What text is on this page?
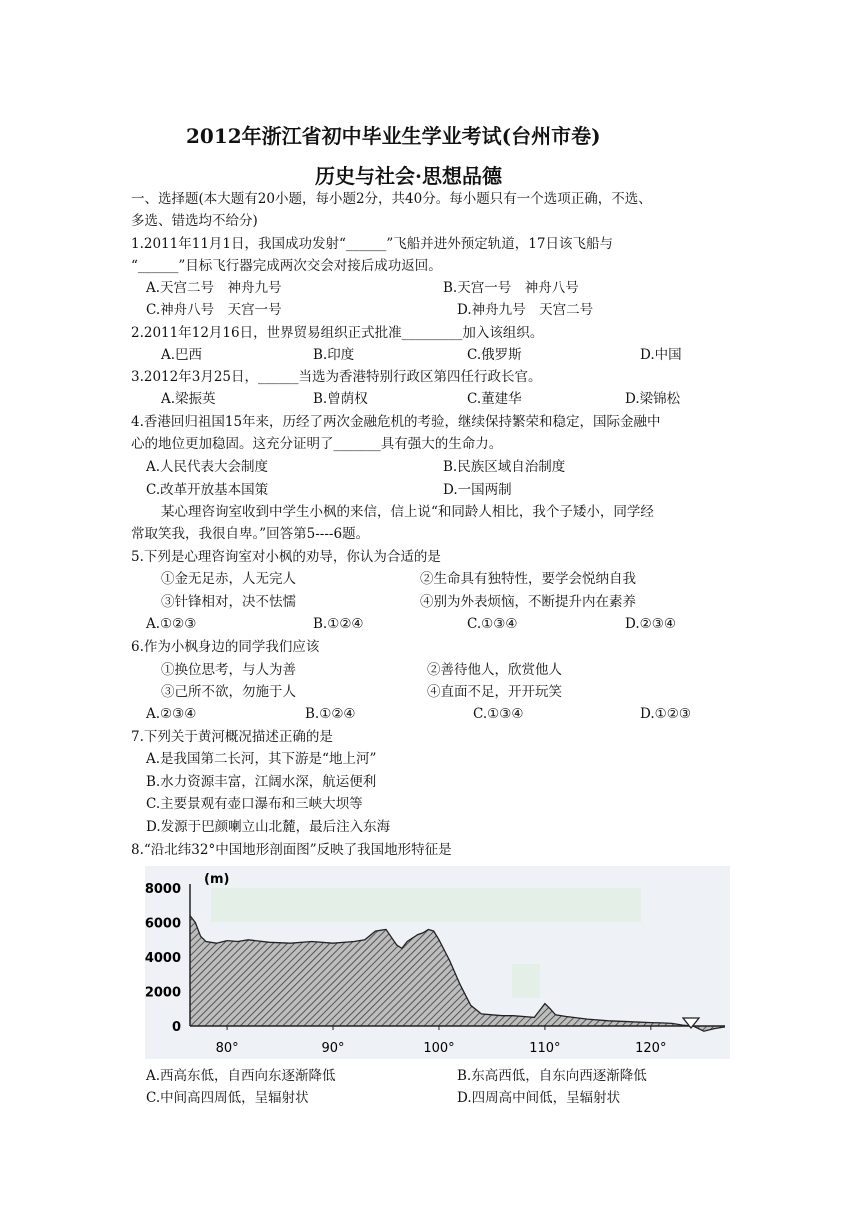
2012年浙江省初中毕业生学业考试(台州市卷)
历史与社会·思想品德
一、选择题(本大题有20小题，每小题2分，共40分。每小题只有一个选项正确，不选、
多选、错选均不给分)
1.2011年11月1日，我国成功发射“______”飞船并进外预定轨道，17日该飞船与
“______”目标飞行器完成两次交会对接后成功返回。
A.天宫二号　神舟九号	B.天宫一号　神舟八号
C.神舟八号　天宫一号	D.神舟九号　天宫二号
2.2011年12月16日，世界贸易组织正式批准_________加入该组织。
A.巴西	B.印度	C.俄罗斯	D.中国
3.2012年3月25日，______当选为香港特别行政区第四任行政长官。
A.梁振英	B.曾荫权	C.董建华	D.梁锦松
4.香港回归祖国15年来，历经了两次金融危机的考验，继续保持繁荣和稳定，国际金融中
心的地位更加稳固。这充分证明了_______具有强大的生命力。
A.人民代表大会制度	B.民族区域自治制度
C.改革开放基本国策	D.一国两制
某心理咨询室收到中学生小枫的来信，信上说“和同龄人相比，我个子矮小，同学经
常取笑我，我很自卑。”回答第5----6题。
5.下列是心理咨询室对小枫的劝导，你认为合适的是
①金无足赤，人无完人	②生命具有独特性，要学会悦纳自我
③针锋相对，决不怯懦	④别为外表烦恼，不断提升内在素养
A.①②③	B.①②④	C.①③④	D.②③④
6.作为小枫身边的同学我们应该
①换位思考，与人为善	②善待他人，欣赏他人
③己所不欲，勿施于人	④直面不足，开开玩笑
A.②③④	B.①②④	C.①③④	D.①②③
7.下列关于黄河概况描述正确的是
A.是我国第二长河，其下游是“地上河”
B.水力资源丰富，江阔水深，航运便利
C.主要景观有壶口瀑布和三峡大坝等
D.发源于巴颜喇立山北麓，最后注入东海
8.“沿北纬32°中国地形剖面图”反映了我国地形特征是
(m)
0
2000
4000
6000
8000
80°	90°	100°	110°	120°
A.西高东低，自西向东逐渐降低	B.东高西低，自东向西逐渐降低
C.中间高四周低，呈辐射状	D.四周高中间低，呈辐射状
